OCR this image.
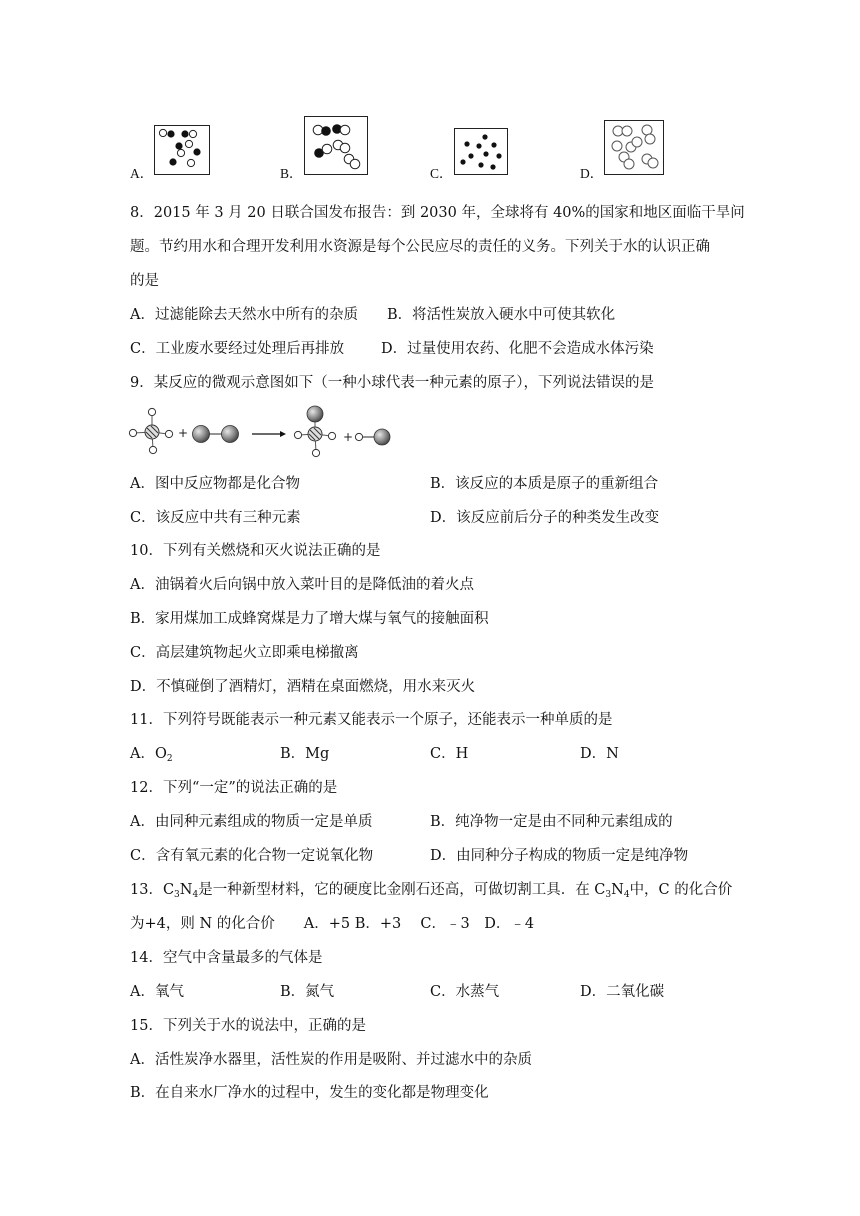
A．	B．	C．	D．
8．2015 年 3 月 20 日联合国发布报告：到 2030 年，全球将有 40%的国家和地区面临干旱问
题。节约用水和合理开发利用水资源是每个公民应尽的责任的义务。下列关于水的认识正确
的是
A．过滤能除去天然水中所有的杂质 B．将活性炭放入硬水中可使其软化
C．工业废水要经过处理后再排放	D．过量使用农药、化肥不会造成水体污染
9．某反应的微观示意图如下（一种小球代表一种元素的原子），下列说法错误的是
+	+
A．图中反应物都是化合物	B．该反应的本质是原子的重新组合
C．该反应中共有三种元素	D．该反应前后分子的种类发生改变
10．下列有关燃烧和灭火说法正确的是
A．油锅着火后向锅中放入菜叶目的是降低油的着火点
B．家用煤加工成蜂窝煤是力了增大煤与氧气的接触面积
C．高层建筑物起火立即乘电梯撤离
D．不慎碰倒了酒精灯，酒精在桌面燃烧，用水来灭火
11．下列符号既能表示一种元素又能表示一个原子，还能表示一种单质的是
A．$O_2$	B．Mg	C．H	D．N
12．下列“一定”的说法正确的是
A．由同种元素组成的物质一定是单质	B．纯净物一定是由不同种元素组成的
C．含有氧元素的化合物一定说氧化物	D．由同种分子构成的物质一定是纯净物
13．$C_3N_4$是一种新型材料，它的硬度比金刚石还高，可做切割工具．在 $C_3N_4$中，C 的化合价
为+4，则 N 的化合价　　A．+5 B．+3　 C．﹣3　D．﹣4
14．空气中含量最多的气体是
A．氧气	B．氮气	C．水蒸气	D．二氧化碳
15．下列关于水的说法中，正确的是
A．活性炭净水器里，活性炭的作用是吸附、并过滤水中的杂质
B．在自来水厂净水的过程中，发生的变化都是物理变化
